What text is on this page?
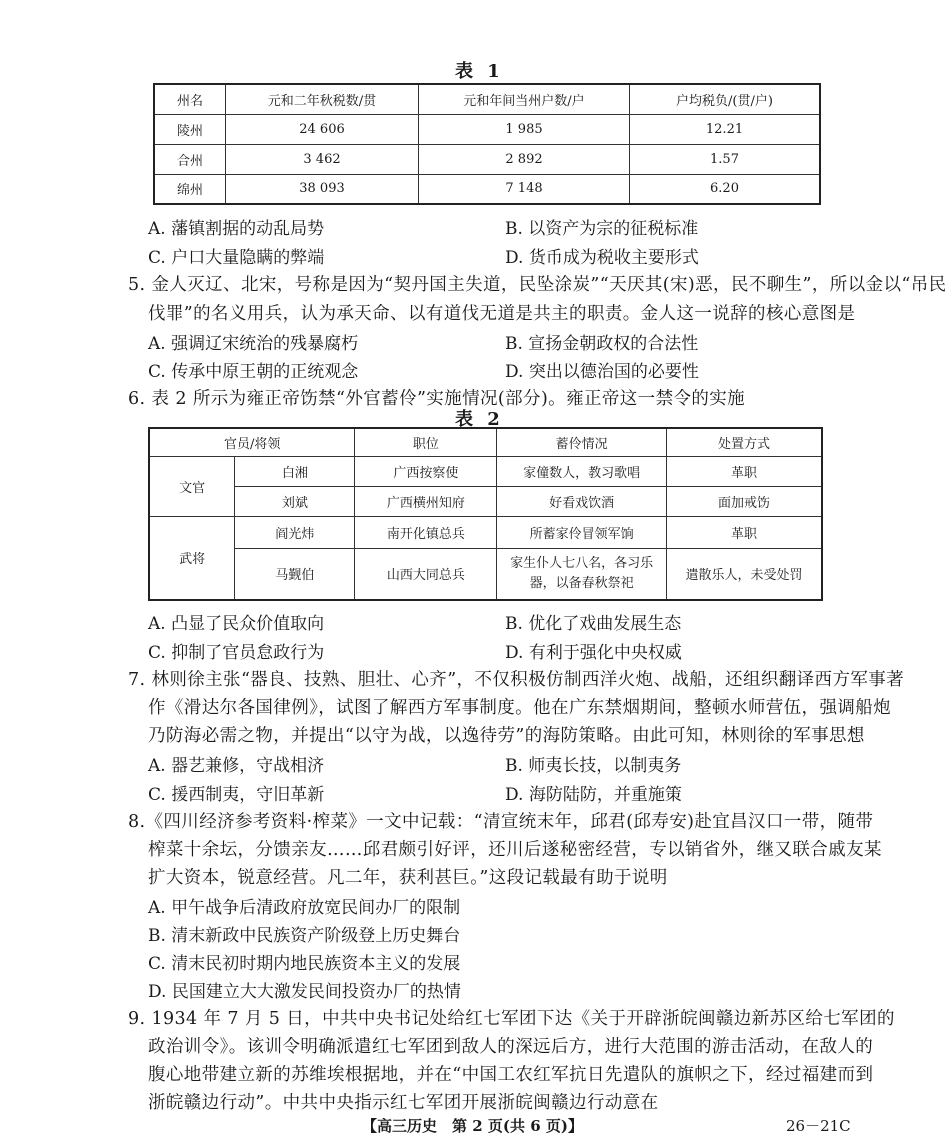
表 1
州名	元和二年秋税数/贯	元和年间当州户数/户	户均税负/(贯/户)
陵州	24 606	1 985	12.21
合州	3 462	2 892	1.57
绵州	38 093	7 148	6.20
A. 藩镇割据的动乱局势	B. 以资产为宗的征税标准
C. 户口大量隐瞒的弊端	D. 货币成为税收主要形式
5. 金人灭辽、北宋，号称是因为“契丹国主失道，民坠涂炭”“天厌其(宋)恶，民不聊生”，所以金以“吊民
伐罪”的名义用兵，认为承天命、以有道伐无道是共主的职责。金人这一说辞的核心意图是
A. 强调辽宋统治的残暴腐朽	B. 宣扬金朝政权的合法性
C. 传承中原王朝的正统观念	D. 突出以德治国的必要性
6. 表 2 所示为雍正帝饬禁“外官蓄伶”实施情况(部分)。雍正帝这一禁令的实施
表 2
官员/将领		职位	蓄伶情况	处置方式
文官	白湘	广西按察使	家僮数人，教习歌唱	革职
	刘斌	广西横州知府	好看戏饮酒	面加戒饬
武将	阎光炜	南开化镇总兵	所蓄家伶冒领军饷	革职
	马觐伯	山西大同总兵	家生仆人七八名，各习乐器，以备春秋祭祀	遣散乐人，未受处罚
A. 凸显了民众价值取向	B. 优化了戏曲发展生态
C. 抑制了官员怠政行为	D. 有利于强化中央权威
7. 林则徐主张“器良、技熟、胆壮、心齐”，不仅积极仿制西洋火炮、战船，还组织翻译西方军事著
作《滑达尔各国律例》，试图了解西方军事制度。他在广东禁烟期间，整顿水师营伍，强调船炮
乃防海必需之物，并提出“以守为战，以逸待劳”的海防策略。由此可知，林则徐的军事思想
A. 器艺兼修，守战相济	B. 师夷长技，以制夷务
C. 援西制夷，守旧革新	D. 海防陆防，并重施策
8.《四川经济参考资料·榨菜》一文中记载：“清宣统末年，邱君(邱寿安)赴宜昌汉口一带，随带
榨菜十余坛，分馈亲友……邱君颇引好评，还川后遂秘密经营，专以销省外，继又联合戚友某
扩大资本，锐意经营。凡二年，获利甚巨。”这段记载最有助于说明
A. 甲午战争后清政府放宽民间办厂的限制
B. 清末新政中民族资产阶级登上历史舞台
C. 清末民初时期内地民族资本主义的发展
D. 民国建立大大激发民间投资办厂的热情
9. 1934 年 7 月 5 日，中共中央书记处给红七军团下达《关于开辟浙皖闽赣边新苏区给七军团的
政治训令》。该训令明确派遣红七军团到敌人的深远后方，进行大范围的游击活动，在敌人的
腹心地带建立新的苏维埃根据地，并在“中国工农红军抗日先遣队的旗帜之下，经过福建而到
浙皖赣边行动”。中共中央指示红七军团开展浙皖闽赣边行动意在
【高三历史　第 2 页(共 6 页)】	26－21C
